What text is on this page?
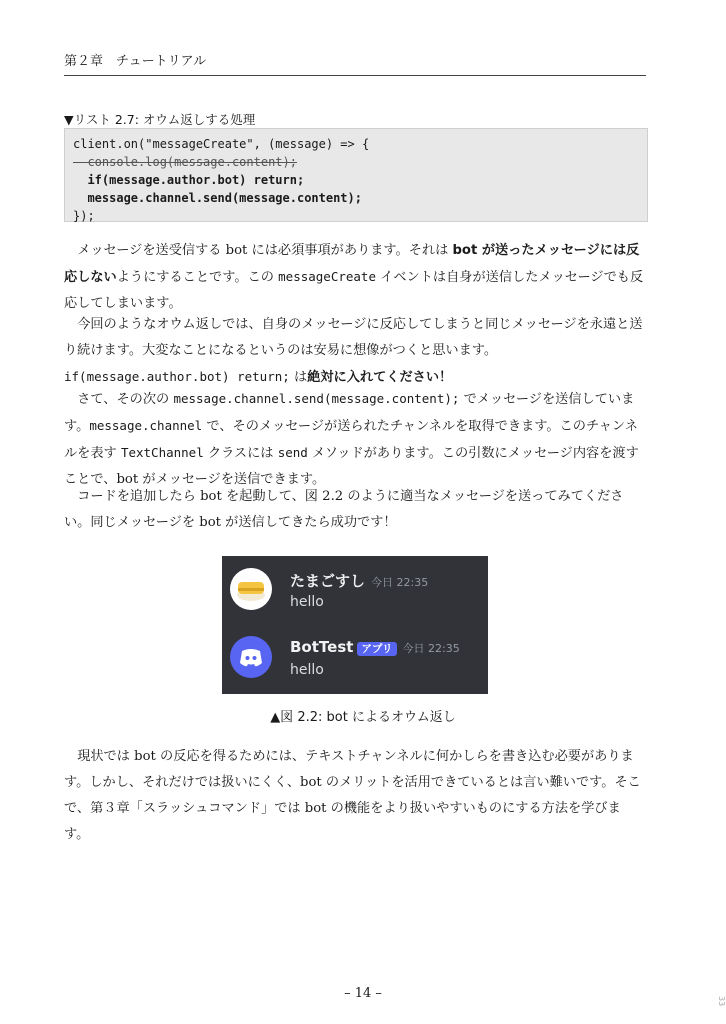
第２章　チュートリアル
▼リスト 2.7: オウム返しする処理
client.on("messageCreate", (message) => {
console.log(message.content);
if(message.author.bot) return;
message.channel.send(message.content);
});

メッセージを送受信する bot には必須事項があります。それは bot が送ったメッセージには反応しないようにすることです。この messageCreate イベントは自身が送信したメッセージでも反応してしまいます。

今回のようなオウム返しでは、自身のメッセージに反応してしまうと同じメッセージを永遠と送り続けます。大変なことになるというのは安易に想像がつくと思います。if(message.author.bot) return; は絶対に入れてください！

さて、その次の message.channel.send(message.content); でメッセージを送信しています。message.channel で、そのメッセージが送られたチャンネルを取得できます。このチャンネルを表す TextChannel クラスには send メソッドがあります。この引数にメッセージ内容を渡すことで、bot がメッセージを送信できます。

コードを追加したら bot を起動して、図 2.2 のように適当なメッセージを送ってみてください。同じメッセージを bot が送信してきたら成功です！

たまごすし 今日 22:35
hello
BotTest アプリ 今日 22:35
hello
▲図 2.2: bot によるオウム返し

現状では bot の反応を得るためには、テキストチャンネルに何かしらを書き込む必要があります。しかし、それだけでは扱いにくく、bot のメリットを活用できているとは言い難いです。そこで、第３章「スラッシュコマンド」では bot の機能をより扱いやすいものにする方法を学びます。

– 14 –
33
